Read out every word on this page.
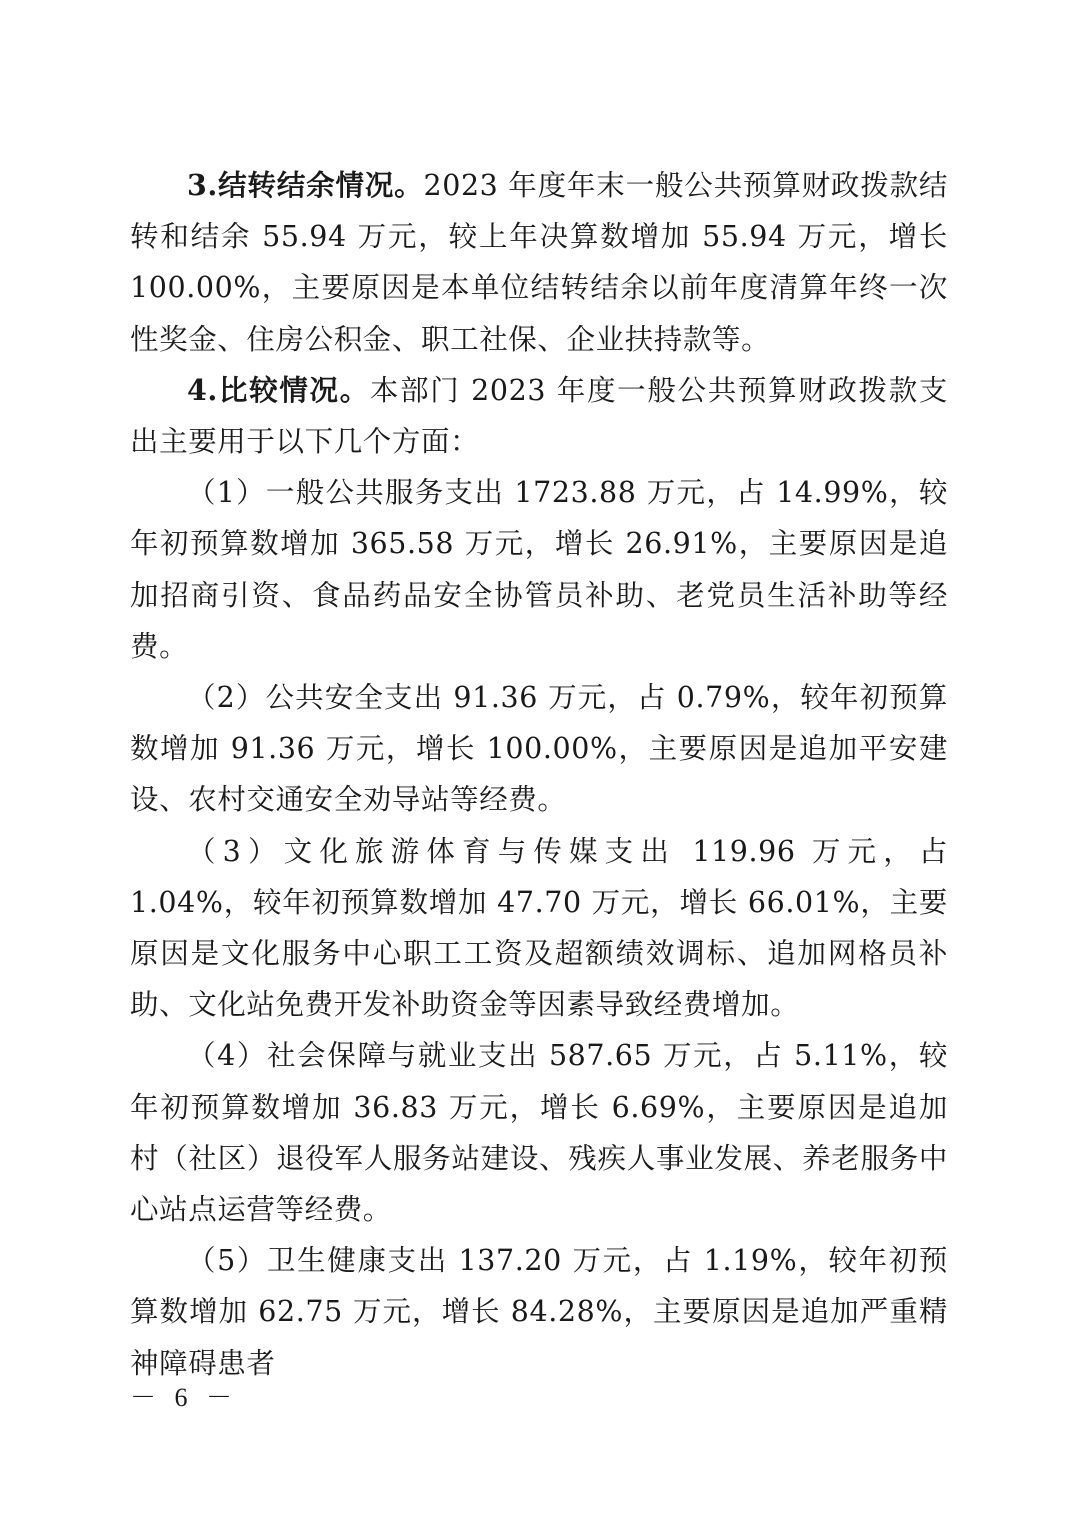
3.结转结余情况。2023 年度年末一般公共预算财政拨款结转和结余 55.94 万元，较上年决算数增加 55.94 万元，增长 100.00%，主要原因是本单位结转结余以前年度清算年终一次性奖金、住房公积金、职工社保、企业扶持款等。

4.比较情况。本部门 2023 年度一般公共预算财政拨款支出主要用于以下几个方面：

（1）一般公共服务支出 1723.88 万元，占 14.99%，较年初预算数增加 365.58 万元，增长 26.91%，主要原因是追加招商引资、食品药品安全协管员补助、老党员生活补助等经费。

（2）公共安全支出 91.36 万元，占 0.79%，较年初预算数增加 91.36 万元，增长 100.00%，主要原因是追加平安建设、农村交通安全劝导站等经费。

（3）文化旅游体育与传媒支出 119.96 万元，占 1.04%，较年初预算数增加 47.70 万元，增长 66.01%，主要原因是文化服务中心职工工资及超额绩效调标、追加网格员补助、文化站免费开发补助资金等因素导致经费增加。

（4）社会保障与就业支出 587.65 万元，占 5.11%，较年初预算数增加 36.83 万元，增长 6.69%，主要原因是追加村（社区）退役军人服务站建设、残疾人事业发展、养老服务中心站点运营等经费。

（5）卫生健康支出 137.20 万元，占 1.19%，较年初预算数增加 62.75 万元，增长 84.28%，主要原因是追加严重精神障碍患者

－ 6 －
